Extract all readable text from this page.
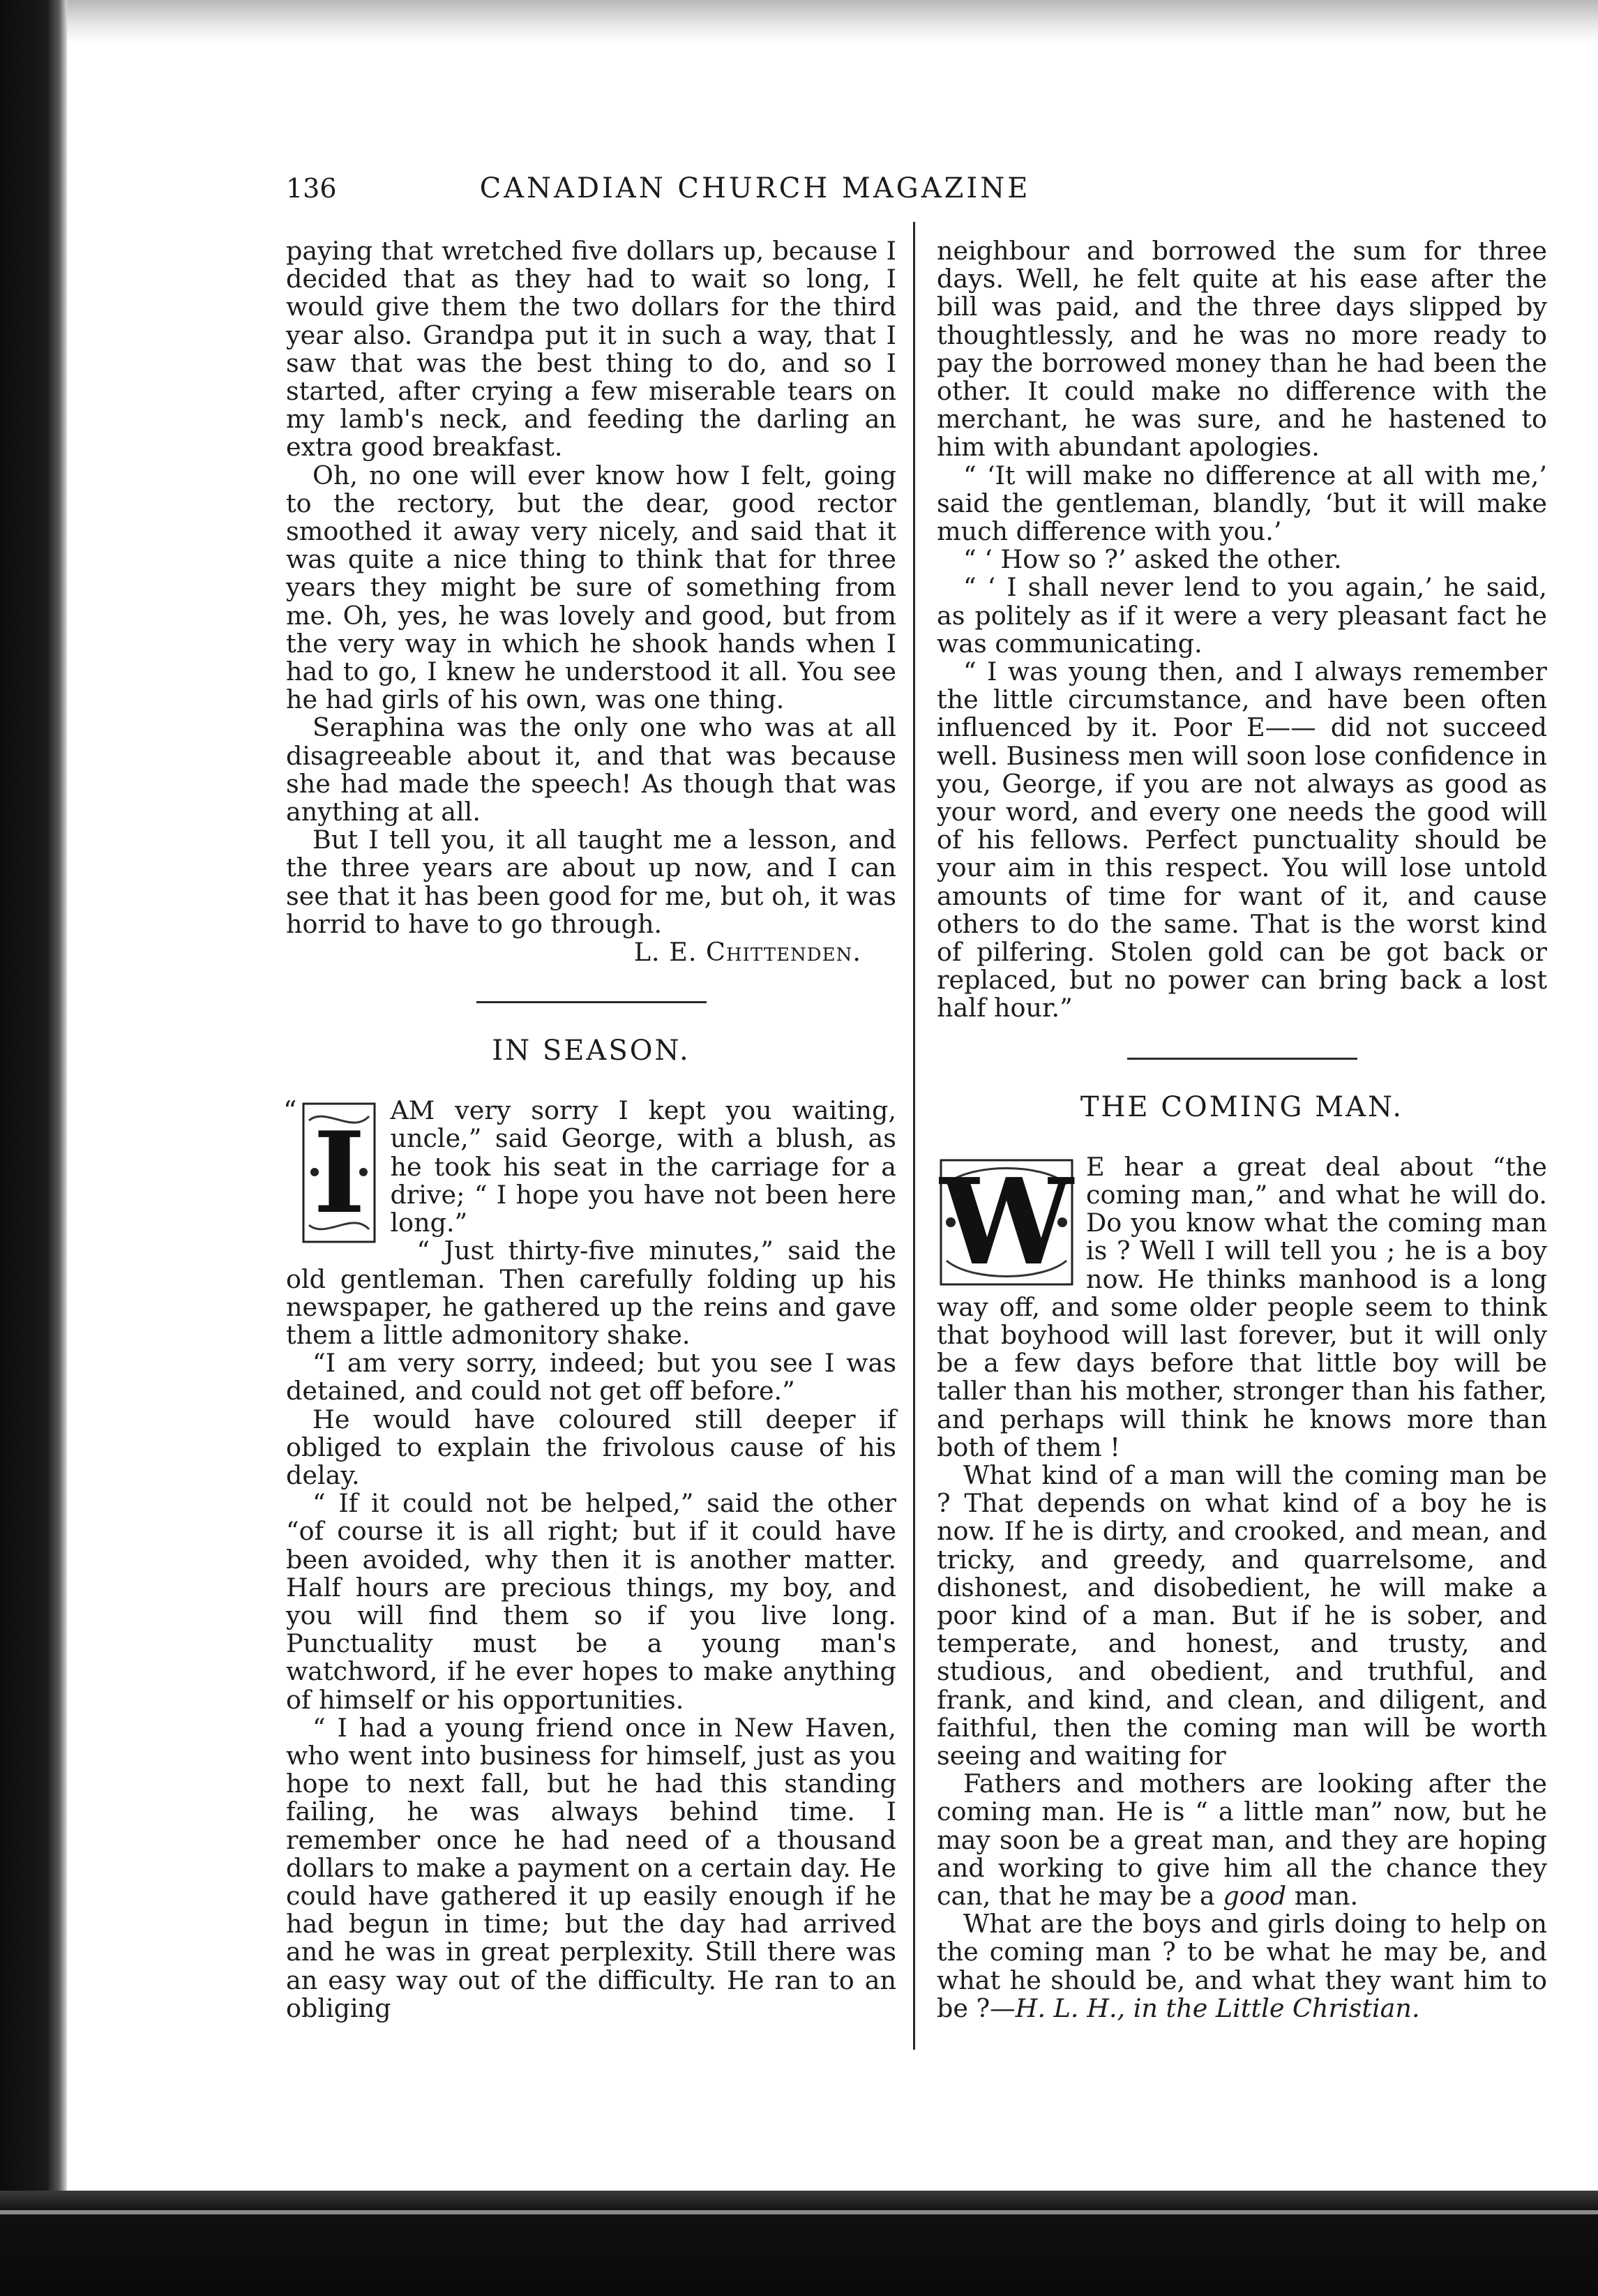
136	CANADIAN CHURCH MAGAZINE

paying that wretched five dollars up, because I decided that as they had to wait so long, I would give them the two dollars for the third year also. Grandpa put it in such a way, that I saw that was the best thing to do, and so I started, after crying a few miserable tears on my lamb's neck, and feeding the darling an extra good breakfast.

Oh, no one will ever know how I felt, going to the rectory, but the dear, good rector smoothed it away very nicely, and said that it was quite a nice thing to think that for three years they might be sure of something from me. Oh, yes, he was lovely and good, but from the very way in which he shook hands when I had to go, I knew he understood it all. You see he had girls of his own, was one thing.

Seraphina was the only one who was at all disagreeable about it, and that was because she had made the speech! As though that was anything at all.

But I tell you, it all taught me a lesson, and the three years are about up now, and I can see that it has been good for me, but oh, it was horrid to have to go through.

L. E. Chittenden.

IN SEASON.

“ I AM very sorry I kept you waiting, uncle,” said George, with a blush, as he took his seat in the carriage for a drive; “ I hope you have not been here long.”

“ Just thirty-five minutes,” said the old gentleman. Then carefully folding up his newspaper, he gathered up the reins and gave them a little admonitory shake.

“I am very sorry, indeed; but you see I was detained, and could not get off before.”

He would have coloured still deeper if obliged to explain the frivolous cause of his delay.

“ If it could not be helped,” said the other “of course it is all right; but if it could have been avoided, why then it is another matter. Half hours are precious things, my boy, and you will find them so if you live long. Punctuality must be a young man's watchword, if he ever hopes to make anything of himself or his opportunities.

“ I had a young friend once in New Haven, who went into business for himself, just as you hope to next fall, but he had this standing failing, he was always behind time. I remember once he had need of a thousand dollars to make a payment on a certain day. He could have gathered it up easily enough if he had begun in time; but the day had arrived and he was in great perplexity. Still there was an easy way out of the difficulty. He ran to an obliging

neighbour and borrowed the sum for three days. Well, he felt quite at his ease after the bill was paid, and the three days slipped by thoughtlessly, and he was no more ready to pay the borrowed money than he had been the other. It could make no difference with the merchant, he was sure, and he hastened to him with abundant apologies.

“ ‘It will make no difference at all with me,’ said the gentleman, blandly, ‘but it will make much difference with you.’

“ ‘ How so ?’ asked the other.

“ ‘ I shall never lend to you again,’ he said, as politely as if it were a very pleasant fact he was communicating.

“ I was young then, and I always remember the little circumstance, and have been often influenced by it. Poor E—— did not succeed well. Business men will soon lose confidence in you, George, if you are not always as good as your word, and every one needs the good will of his fellows. Perfect punctuality should be your aim in this respect. You will lose untold amounts of time for want of it, and cause others to do the same. That is the worst kind of pilfering. Stolen gold can be got back or replaced, but no power can bring back a lost half hour.”

THE COMING MAN.

W E hear a great deal about “the coming man,” and what he will do. Do you know what the coming man is ? Well I will tell you ; he is a boy now. He thinks manhood is a long way off, and some older people seem to think that boyhood will last forever, but it will only be a few days before that little boy will be taller than his mother, stronger than his father, and perhaps will think he knows more than both of them !

What kind of a man will the coming man be ? That depends on what kind of a boy he is now. If he is dirty, and crooked, and mean, and tricky, and greedy, and quarrelsome, and dishonest, and disobedient, he will make a poor kind of a man. But if he is sober, and temperate, and honest, and trusty, and studious, and obedient, and truthful, and frank, and kind, and clean, and diligent, and faithful, then the coming man will be worth seeing and waiting for

Fathers and mothers are looking after the coming man. He is “ a little man” now, but he may soon be a great man, and they are hoping and working to give him all the chance they can, that he may be a good man.

What are the boys and girls doing to help on the coming man ? to be what he may be, and what he should be, and what they want him to be ?—H. L. H., in the Little Christian.
